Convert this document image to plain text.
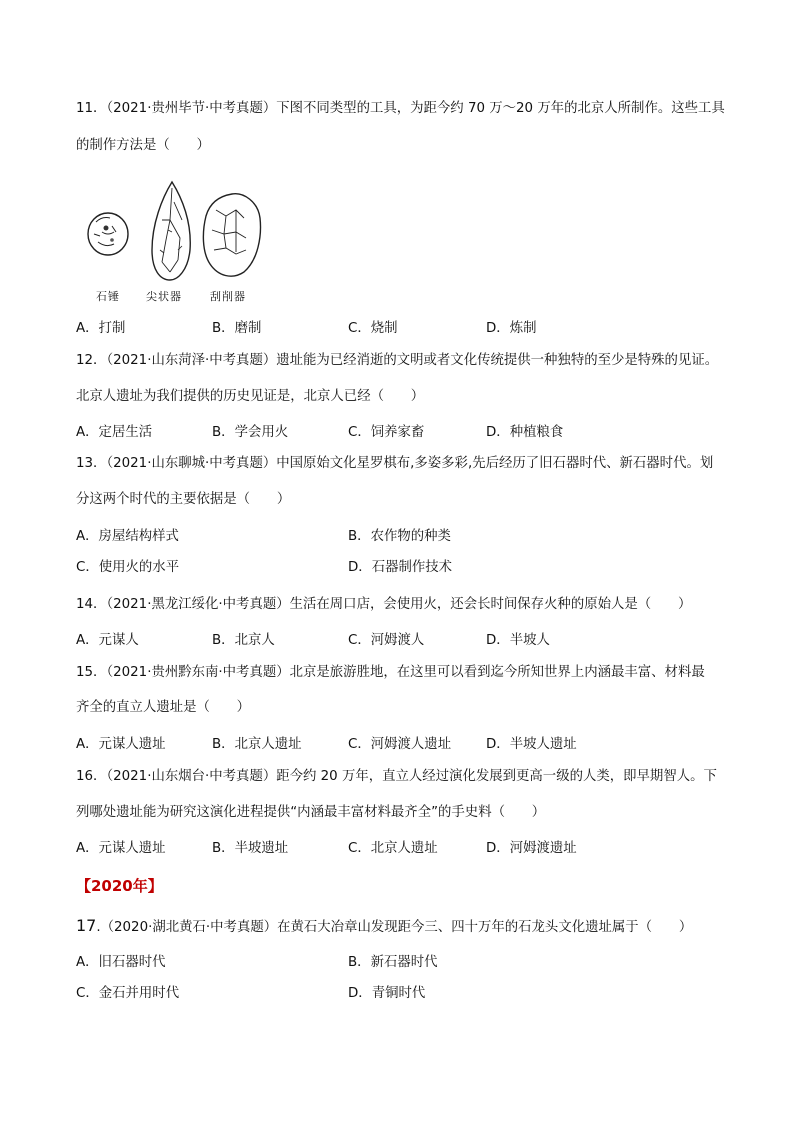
11．（2021·贵州毕节·中考真题）下图不同类型的工具，为距今约 70 万～20 万年的北京人所制作。这些工具
的制作方法是（　　）
石锤 尖状器	刮削器
A．打制	B．磨制	C．烧制	D．炼制
12．（2021·山东菏泽·中考真题）遗址能为已经消逝的文明或者文化传统提供一种独特的至少是特殊的见证。
北京人遗址为我们提供的历史见证是，北京人已经（　　）
A．定居生活	B．学会用火	C．饲养家畜	D．种植粮食
13．（2021·山东聊城·中考真题）中国原始文化星罗棋布,多姿多彩,先后经历了旧石器时代、新石器时代。划
分这两个时代的主要依据是（　　）
A．房屋结构样式	B．农作物的种类
C．使用火的水平	D．石器制作技术
14．（2021·黑龙江绥化·中考真题）生活在周口店，会使用火，还会长时间保存火种的原始人是（　　）
A．元谋人	B．北京人	C．河姆渡人	D．半坡人
15．（2021·贵州黔东南·中考真题）北京是旅游胜地，在这里可以看到迄今所知世界上内涵最丰富、材料最
齐全的直立人遗址是（　　）
A．元谋人遗址	B．北京人遗址	C．河姆渡人遗址	D．半坡人遗址
16．（2021·山东烟台·中考真题）距今约 20 万年，直立人经过演化发展到更高一级的人类，即早期智人。下
列哪处遗址能为研究这演化进程提供“内涵最丰富材料最齐全”的手史料（　　）
A．元谋人遗址	B．半坡遗址	C．北京人遗址	D．河姆渡遗址
【2020年】
17.（2020·湖北黄石·中考真题）在黄石大冶章山发现距今三、四十万年的石龙头文化遗址属于（　　）
A．旧石器时代	B．新石器时代
C．金石并用时代	D．青铜时代
